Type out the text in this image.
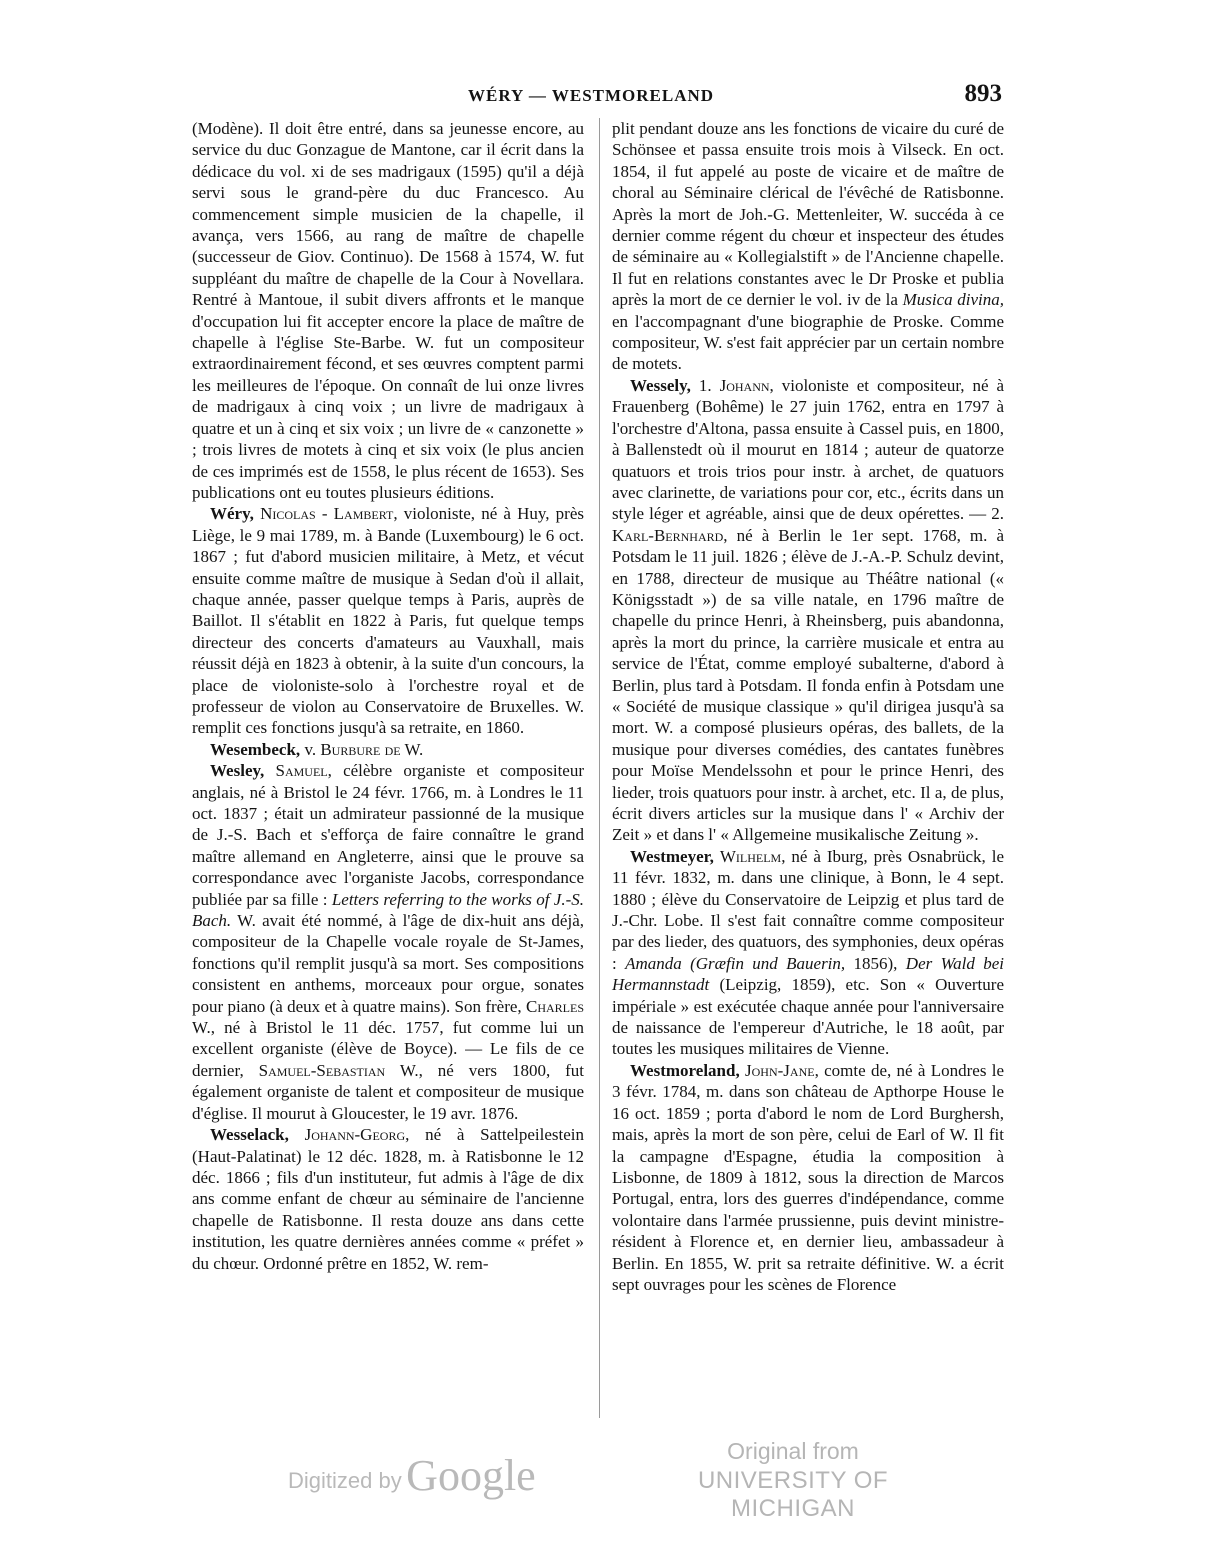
WÉRY — WESTMORELAND	893

(Modène). Il doit être entré, dans sa jeunesse encore, au service du duc Gonzague de Mantone, car il écrit dans la dédicace du vol. xi de ses madrigaux (1595) qu'il a déjà servi sous le grand-père du duc Francesco. Au commencement simple musicien de la chapelle, il avança, vers 1566, au rang de maître de chapelle (successeur de Giov. Continuo). De 1568 à 1574, W. fut suppléant du maître de chapelle de la Cour à Novellara. Rentré à Mantoue, il subit divers affronts et le manque d'occupation lui fit accepter encore la place de maître de chapelle à l'église Ste-Barbe. W. fut un compositeur extraordinairement fécond, et ses œuvres comptent parmi les meilleures de l'époque. On connaît de lui onze livres de madrigaux à cinq voix ; un livre de madrigaux à quatre et un à cinq et six voix ; un livre de « canzonette » ; trois livres de motets à cinq et six voix (le plus ancien de ces imprimés est de 1558, le plus récent de 1653). Ses publications ont eu toutes plusieurs éditions.

Wéry, Nicolas - Lambert, violoniste, né à Huy, près Liège, le 9 mai 1789, m. à Bande (Luxembourg) le 6 oct. 1867 ; fut d'abord musicien militaire, à Metz, et vécut ensuite comme maître de musique à Sedan d'où il allait, chaque année, passer quelque temps à Paris, auprès de Baillot. Il s'établit en 1822 à Paris, fut quelque temps directeur des concerts d'amateurs au Vauxhall, mais réussit déjà en 1823 à obtenir, à la suite d'un concours, la place de violoniste-solo à l'orchestre royal et de professeur de violon au Conservatoire de Bruxelles. W. remplit ces fonctions jusqu'à sa retraite, en 1860.

Wesembeck, v. Burbure de W.

Wesley, Samuel, célèbre organiste et compositeur anglais, né à Bristol le 24 févr. 1766, m. à Londres le 11 oct. 1837 ; était un admirateur passionné de la musique de J.-S. Bach et s'efforça de faire connaître le grand maître allemand en Angleterre, ainsi que le prouve sa correspondance avec l'organiste Jacobs, correspondance publiée par sa fille : Letters referring to the works of J.-S. Bach. W. avait été nommé, à l'âge de dix-huit ans déjà, compositeur de la Chapelle vocale royale de St-James, fonctions qu'il remplit jusqu'à sa mort. Ses compositions consistent en anthems, morceaux pour orgue, sonates pour piano (à deux et à quatre mains). Son frère, Charles W., né à Bristol le 11 déc. 1757, fut comme lui un excellent organiste (élève de Boyce). — Le fils de ce dernier, Samuel-Sebastian W., né vers 1800, fut également organiste de talent et compositeur de musique d'église. Il mourut à Gloucester, le 19 avr. 1876.

Wesselack, Johann-Georg, né à Sattelpeilestein (Haut-Palatinat) le 12 déc. 1828, m. à Ratisbonne le 12 déc. 1866 ; fils d'un instituteur, fut admis à l'âge de dix ans comme enfant de chœur au séminaire de l'ancienne chapelle de Ratisbonne. Il resta douze ans dans cette institution, les quatre dernières années comme « préfet » du chœur. Ordonné prêtre en 1852, W. rem-

plit pendant douze ans les fonctions de vicaire du curé de Schönsee et passa ensuite trois mois à Vilseck. En oct. 1854, il fut appelé au poste de vicaire et de maître de choral au Séminaire clérical de l'évêché de Ratisbonne. Après la mort de Joh.-G. Mettenleiter, W. succéda à ce dernier comme régent du chœur et inspecteur des études de séminaire au « Kollegialstift » de l'Ancienne chapelle. Il fut en relations constantes avec le Dr Proske et publia après la mort de ce dernier le vol. iv de la Musica divina, en l'accompagnant d'une biographie de Proske. Comme compositeur, W. s'est fait apprécier par un certain nombre de motets.

Wessely, 1. Johann, violoniste et compositeur, né à Frauenberg (Bohême) le 27 juin 1762, entra en 1797 à l'orchestre d'Altona, passa ensuite à Cassel puis, en 1800, à Ballenstedt où il mourut en 1814 ; auteur de quatorze quatuors et trois trios pour instr. à archet, de quatuors avec clarinette, de variations pour cor, etc., écrits dans un style léger et agréable, ainsi que de deux opérettes. — 2. Karl-Bernhard, né à Berlin le 1er sept. 1768, m. à Potsdam le 11 juil. 1826 ; élève de J.-A.-P. Schulz devint, en 1788, directeur de musique au Théâtre national (« Königsstadt ») de sa ville natale, en 1796 maître de chapelle du prince Henri, à Rheinsberg, puis abandonna, après la mort du prince, la carrière musicale et entra au service de l'État, comme employé subalterne, d'abord à Berlin, plus tard à Potsdam. Il fonda enfin à Potsdam une « Société de musique classique » qu'il dirigea jusqu'à sa mort. W. a composé plusieurs opéras, des ballets, de la musique pour diverses comédies, des cantates funèbres pour Moïse Mendelssohn et pour le prince Henri, des lieder, trois quatuors pour instr. à archet, etc. Il a, de plus, écrit divers articles sur la musique dans l' « Archiv der Zeit » et dans l' « Allgemeine musikalische Zeitung ».

Westmeyer, Wilhelm, né à Iburg, près Osnabrück, le 11 févr. 1832, m. dans une clinique, à Bonn, le 4 sept. 1880 ; élève du Conservatoire de Leipzig et plus tard de J.-Chr. Lobe. Il s'est fait connaître comme compositeur par des lieder, des quatuors, des symphonies, deux opéras : Amanda (Græfin und Bauerin, 1856), Der Wald bei Hermannstadt (Leipzig, 1859), etc. Son « Ouverture impériale » est exécutée chaque année pour l'anniversaire de naissance de l'empereur d'Autriche, le 18 août, par toutes les musiques militaires de Vienne.

Westmoreland, John-Jane, comte de, né à Londres le 3 févr. 1784, m. dans son château de Apthorpe House le 16 oct. 1859 ; porta d'abord le nom de Lord Burghersh, mais, après la mort de son père, celui de Earl of W. Il fit la campagne d'Espagne, étudia la composition à Lisbonne, de 1809 à 1812, sous la direction de Marcos Portugal, entra, lors des guerres d'indépendance, comme volontaire dans l'armée prussienne, puis devint ministre-résident à Florence et, en dernier lieu, ambassadeur à Berlin. En 1855, W. prit sa retraite définitive. W. a écrit sept ouvrages pour les scènes de Florence

Digitized by Google	Original from
UNIVERSITY OF MICHIGAN
